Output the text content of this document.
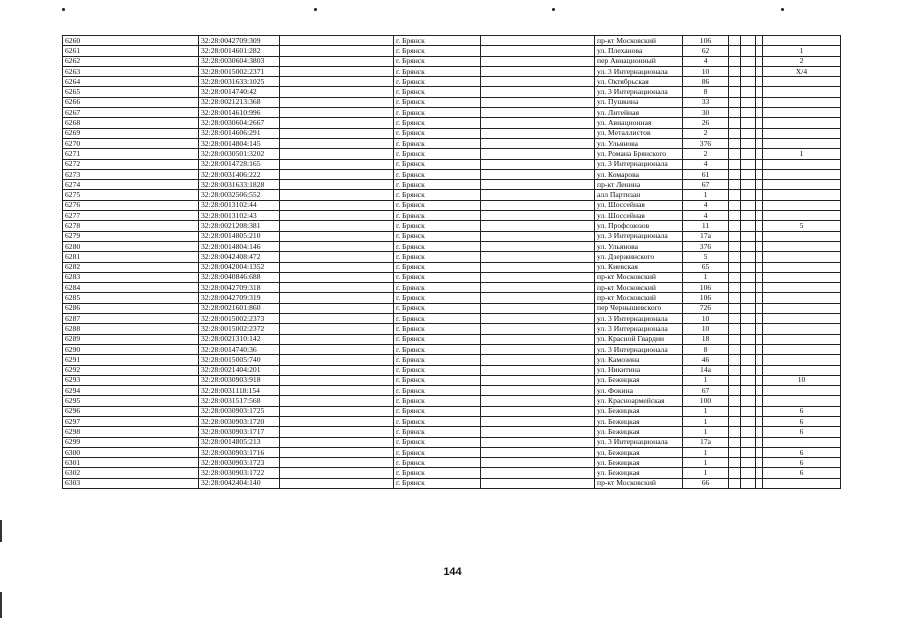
6260	32:28:0042709:309		г. Брянск		пр-кт Московский	106				
6261	32:28:0014601:282		г. Брянск		ул. Плеханова	62				1
6262	32:28:0030604:3803		г. Брянск		пер Авиационный	4				2
6263	32:28:0015002:2371		г. Брянск		ул. 3 Интернационала	10				Х/4
6264	32:28:0031633:1025		г. Брянск		ул. Октябрьская	86				
6265	32:28:0014740:42		г. Брянск		ул. 3 Интернационала	8				
6266	32:28:0021213:368		г. Брянск		ул. Пушкина	33				
6267	32:28:0014610:996		г. Брянск		ул. Литейная	30				
6268	32:28:0030604:2667		г. Брянск		ул. Авиационная	26				
6269	32:28:0014606:291		г. Брянск		ул. Металлистов	2				
6270	32:28:0014804:145		г. Брянск		ул. Ульянова	376				
6271	32:28:0030501:3202		г. Брянск		ул. Романа Брянского	2				1
6272	32:28:0014728:165		г. Брянск		ул. 3 Интернационала	4				
6273	32:28:0031406:222		г. Брянск		ул. Комарова	61				
6274	32:28:0031633:1828		г. Брянск		пр-кт Ленина	67				
6275	32:28:0032506:552		г. Брянск		алл Партизан	1				
6276	32:28:0013102:44		г. Брянск		ул. Шоссейная	4				
6277	32:28:0013102:43		г. Брянск		ул. Шоссейная	4				
6278	32:28:0021208:381		г. Брянск		ул. Профсоюзов	11				5
6279	32:28:0014805:210		г. Брянск		ул. 3 Интернационала	17а				
6280	32:28:0014804:146		г. Брянск		ул. Ульянова	376				
6281	32:28:0042408:472		г. Брянск		ул. Дзержинского	5				
6282	32:28:0042004:1352		г. Брянск		ул. Киевская	65				
6283	32:28:0040846:688		г. Брянск		пр-кт Московский	1				
6284	32:28:0042709:318		г. Брянск		пр-кт Московский	106				
6285	32:28:0042709:319		г. Брянск		пр-кт Московский	106				
6286	32:28:0021601:860		г. Брянск		пер Чернышевского	726				
6287	32:28:0015002:2373		г. Брянск		ул. 3 Интернационала	10				
6288	32:28:0015002:2372		г. Брянск		ул. 3 Интернационала	10				
6289	32:28:0021310:142		г. Брянск		ул. Красной Гвардии	18				
6290	32:28:0014740:36		г. Брянск		ул. 3 Интернационала	8				
6291	32:28:0015005:740		г. Брянск		ул. Камозина	46				
6292	32:28:0021404:201		г. Брянск		ул. Никитина	14а				
6293	32:28:0030903:918		г. Брянск		ул. Бежицкая	1				10
6294	32:28:0031118:154		г. Брянск		ул. Фокина	67				
6295	32:28:0031517:568		г. Брянск		ул. Красноармейская	100				
6296	32:28:0030903:1725		г. Брянск		ул. Бежицкая	1				6
6297	32:28:0030903:1720		г. Брянск		ул. Бежицкая	1				6
6298	32:28:0030903:1717		г. Брянск		ул. Бежицкая	1				6
6299	32:28:0014805:213		г. Брянск		ул. 3 Интернационала	17а				
6300	32:28:0030903:1716		г. Брянск		ул. Бежицкая	1				6
6301	32:28:0030903:1723		г. Брянск		ул. Бежицкая	1				6
6302	32:28:0030903:1722		г. Брянск		ул. Бежицкая	1				6
6303	32:28:0042404:140		г. Брянск		пр-кт Московский	66				
144
